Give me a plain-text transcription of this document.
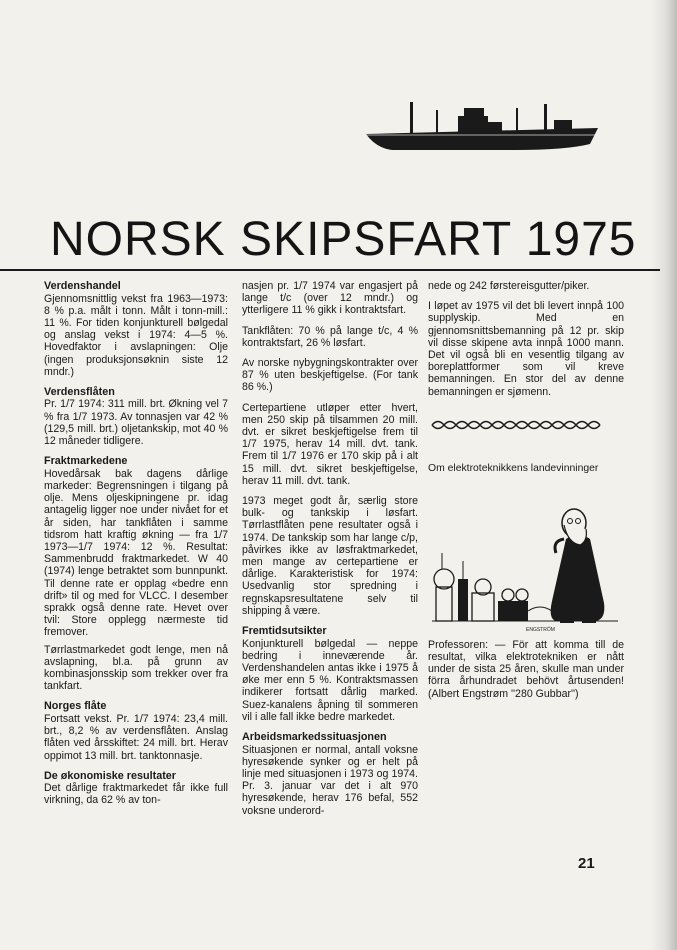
NORSK SKIPSFART 1975
Verdenshandel

Gjennomsnittlig vekst fra 1963—1973: 8 % p.a. målt i tonn. Målt i tonn-mill.: 11 %. For tiden konjunkturell bølgedal og anslag vekst i 1974: 4—5 %. Hovedfaktor i avslapningen: Olje (ingen produksjonsøknin siste 12 mndr.)

Verdensflåten

Pr. 1/7 1974: 311 mill. brt. Økning vel 7 % fra 1/7 1973. Av tonnasjen var 42 % (129,5 mill. brt.) oljetankskip, mot 40 % 12 måneder tidligere.

Fraktmarkedene

Hovedårsak bak dagens dårlige markeder: Begrensningen i tilgang på olje. Mens oljeskipningene pr. idag antagelig ligger noe under nivået for et år siden, har tankflåten i samme tidsrom hatt kraftig økning — fra 1/7 1973—1/7 1974: 12 %. Resultat: Sammenbrudd fraktmarkedet. W 40 (1974) lenge betraktet som bunnpunkt. Til denne rate er opplag «bedre enn drift» til og med for VLCC. I desember sprakk også denne rate. Hevet over tvil: Store opplegg nærmeste tid fremover.

Tørrlastmarkedet godt lenge, men nå avslapning, bl.a. på grunn av kombinasjonsskip som trekker over fra tankfart.

Norges flåte

Fortsatt vekst. Pr. 1/7 1974: 23,4 mill. brt., 8,2 % av verdensflåten. Anslag flåten ved årsskiftet: 24 mill. brt. Herav oppimot 13 mill. brt. tanktonnasje.

De økonomiske resultater

Det dårlige fraktmarkedet får ikke full virkning, da 62 % av ton-

nasjen pr. 1/7 1974 var engasjert på lange t/c (over 12 mndr.) og ytterligere 11 % gikk i kontraktsfart.

Tankflåten: 70 % på lange t/c, 4 % kontraktsfart, 26 % løsfart.

Av norske nybygningskontrakter over 87 % uten beskjeftigelse. (For tank 86 %.)

Certepartiene utløper etter hvert, men 250 skip på tilsammen 20 mill. dvt. er sikret beskjeftigelse frem til 1/7 1975, herav 14 mill. dvt. tank. Frem til 1/7 1976 er 170 skip på i alt 15 mill. dvt. sikret beskjeftigelse, herav 11 mill. dvt. tank.

1973 meget godt år, særlig store bulk- og tankskip i løsfart. Tørrlastflåten pene resultater også i 1974. De tankskip som har lange c/p, påvirkes ikke av løsfraktmarkedet, men mange av certepartiene er dårlige. Karakteristisk for 1974: Usedvanlig stor spredning i regnskapsresultatene selv til shipping å være.

Fremtidsutsikter

Konjunkturell bølgedal — neppe bedring i inneværende år. Verdenshandelen antas ikke i 1975 å øke mer enn 5 %. Kontraktsmassen indikerer fortsatt dårlig marked. Suez-kanalens åpning til sommeren vil i alle fall ikke bedre markedet.

Arbeidsmarkedssituasjonen

Situasjonen er normal, antall voksne hyresøkende synker og er helt på linje med situasjonen i 1973 og 1974. Pr. 3. januar var det i alt 970 hyresøkende, herav 176 befal, 552 voksne underord-

nede og 242 førstereisgutter/piker.

I løpet av 1975 vil det bli levert innpå 100 supplyskip. Med en gjennomsnittsbemanning på 12 pr. skip vil disse skipene avta innpå 1000 mann. Det vil også bli en vesentlig tilgang av boreplattformer som vil kreve bemanningen. En stor del av denne bemanningen er sjømenn.

Om elektroteknikkens landevinninger

ENGSTRÖM

Professoren: — För att komma till de resultat, vilka elektrotekniken er nått under de sista 25 åren, skulle man under förra århundradet behövt årtusenden! (Albert Engstrøm ''280 Gubbar'')

21
